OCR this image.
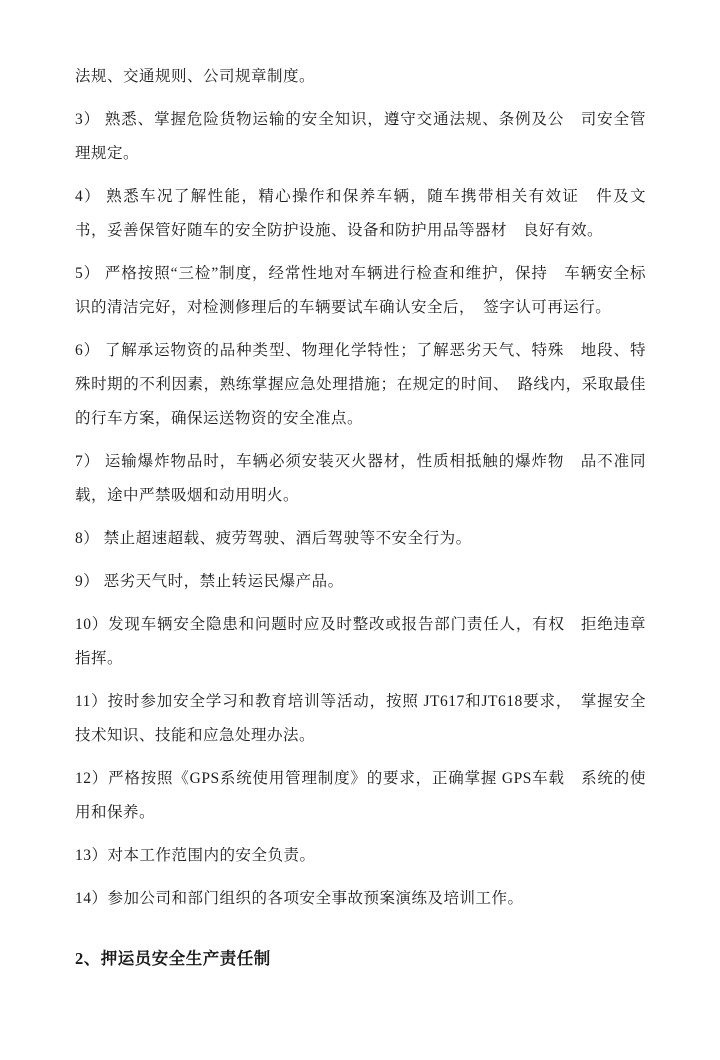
法规、交通规则、公司规章制度。

3） 熟悉、掌握危险货物运输的安全知识，遵守交通法规、条例及公　司安全管理规定。

4） 熟悉车况了解性能，精心操作和保养车辆，随车携带相关有效证　件及文书，妥善保管好随车的安全防护设施、设备和防护用品等器材　良好有效。

5） 严格按照“三检”制度，经常性地对车辆进行检查和维护，保持　车辆安全标识的清洁完好，对检测修理后的车辆要试车确认安全后，　签字认可再运行。

6） 了解承运物资的品种类型、物理化学特性；了解恶劣天气、特殊　地段、特殊时期的不利因素，熟练掌握应急处理措施；在规定的时间、　路线内，采取最佳的行车方案，确保运送物资的安全准点。

7） 运输爆炸物品时，车辆必须安装灭火器材，性质相抵触的爆炸物　品不准同载，途中严禁吸烟和动用明火。

8） 禁止超速超载、疲劳驾驶、酒后驾驶等不安全行为。

9） 恶劣天气时，禁止转运民爆产品。

10）发现车辆安全隐患和问题时应及时整改或报告部门责任人，有权　拒绝违章指挥。

11）按时参加安全学习和教育培训等活动，按照 JT617和JT618要求，　掌握安全技术知识、技能和应急处理办法。

12）严格按照《GPS系统使用管理制度》的要求，正确掌握 GPS车载　系统的使用和保养。

13）对本工作范围内的安全负责。

14）参加公司和部门组织的各项安全事故预案演练及培训工作。

2、押运员安全生产责任制
